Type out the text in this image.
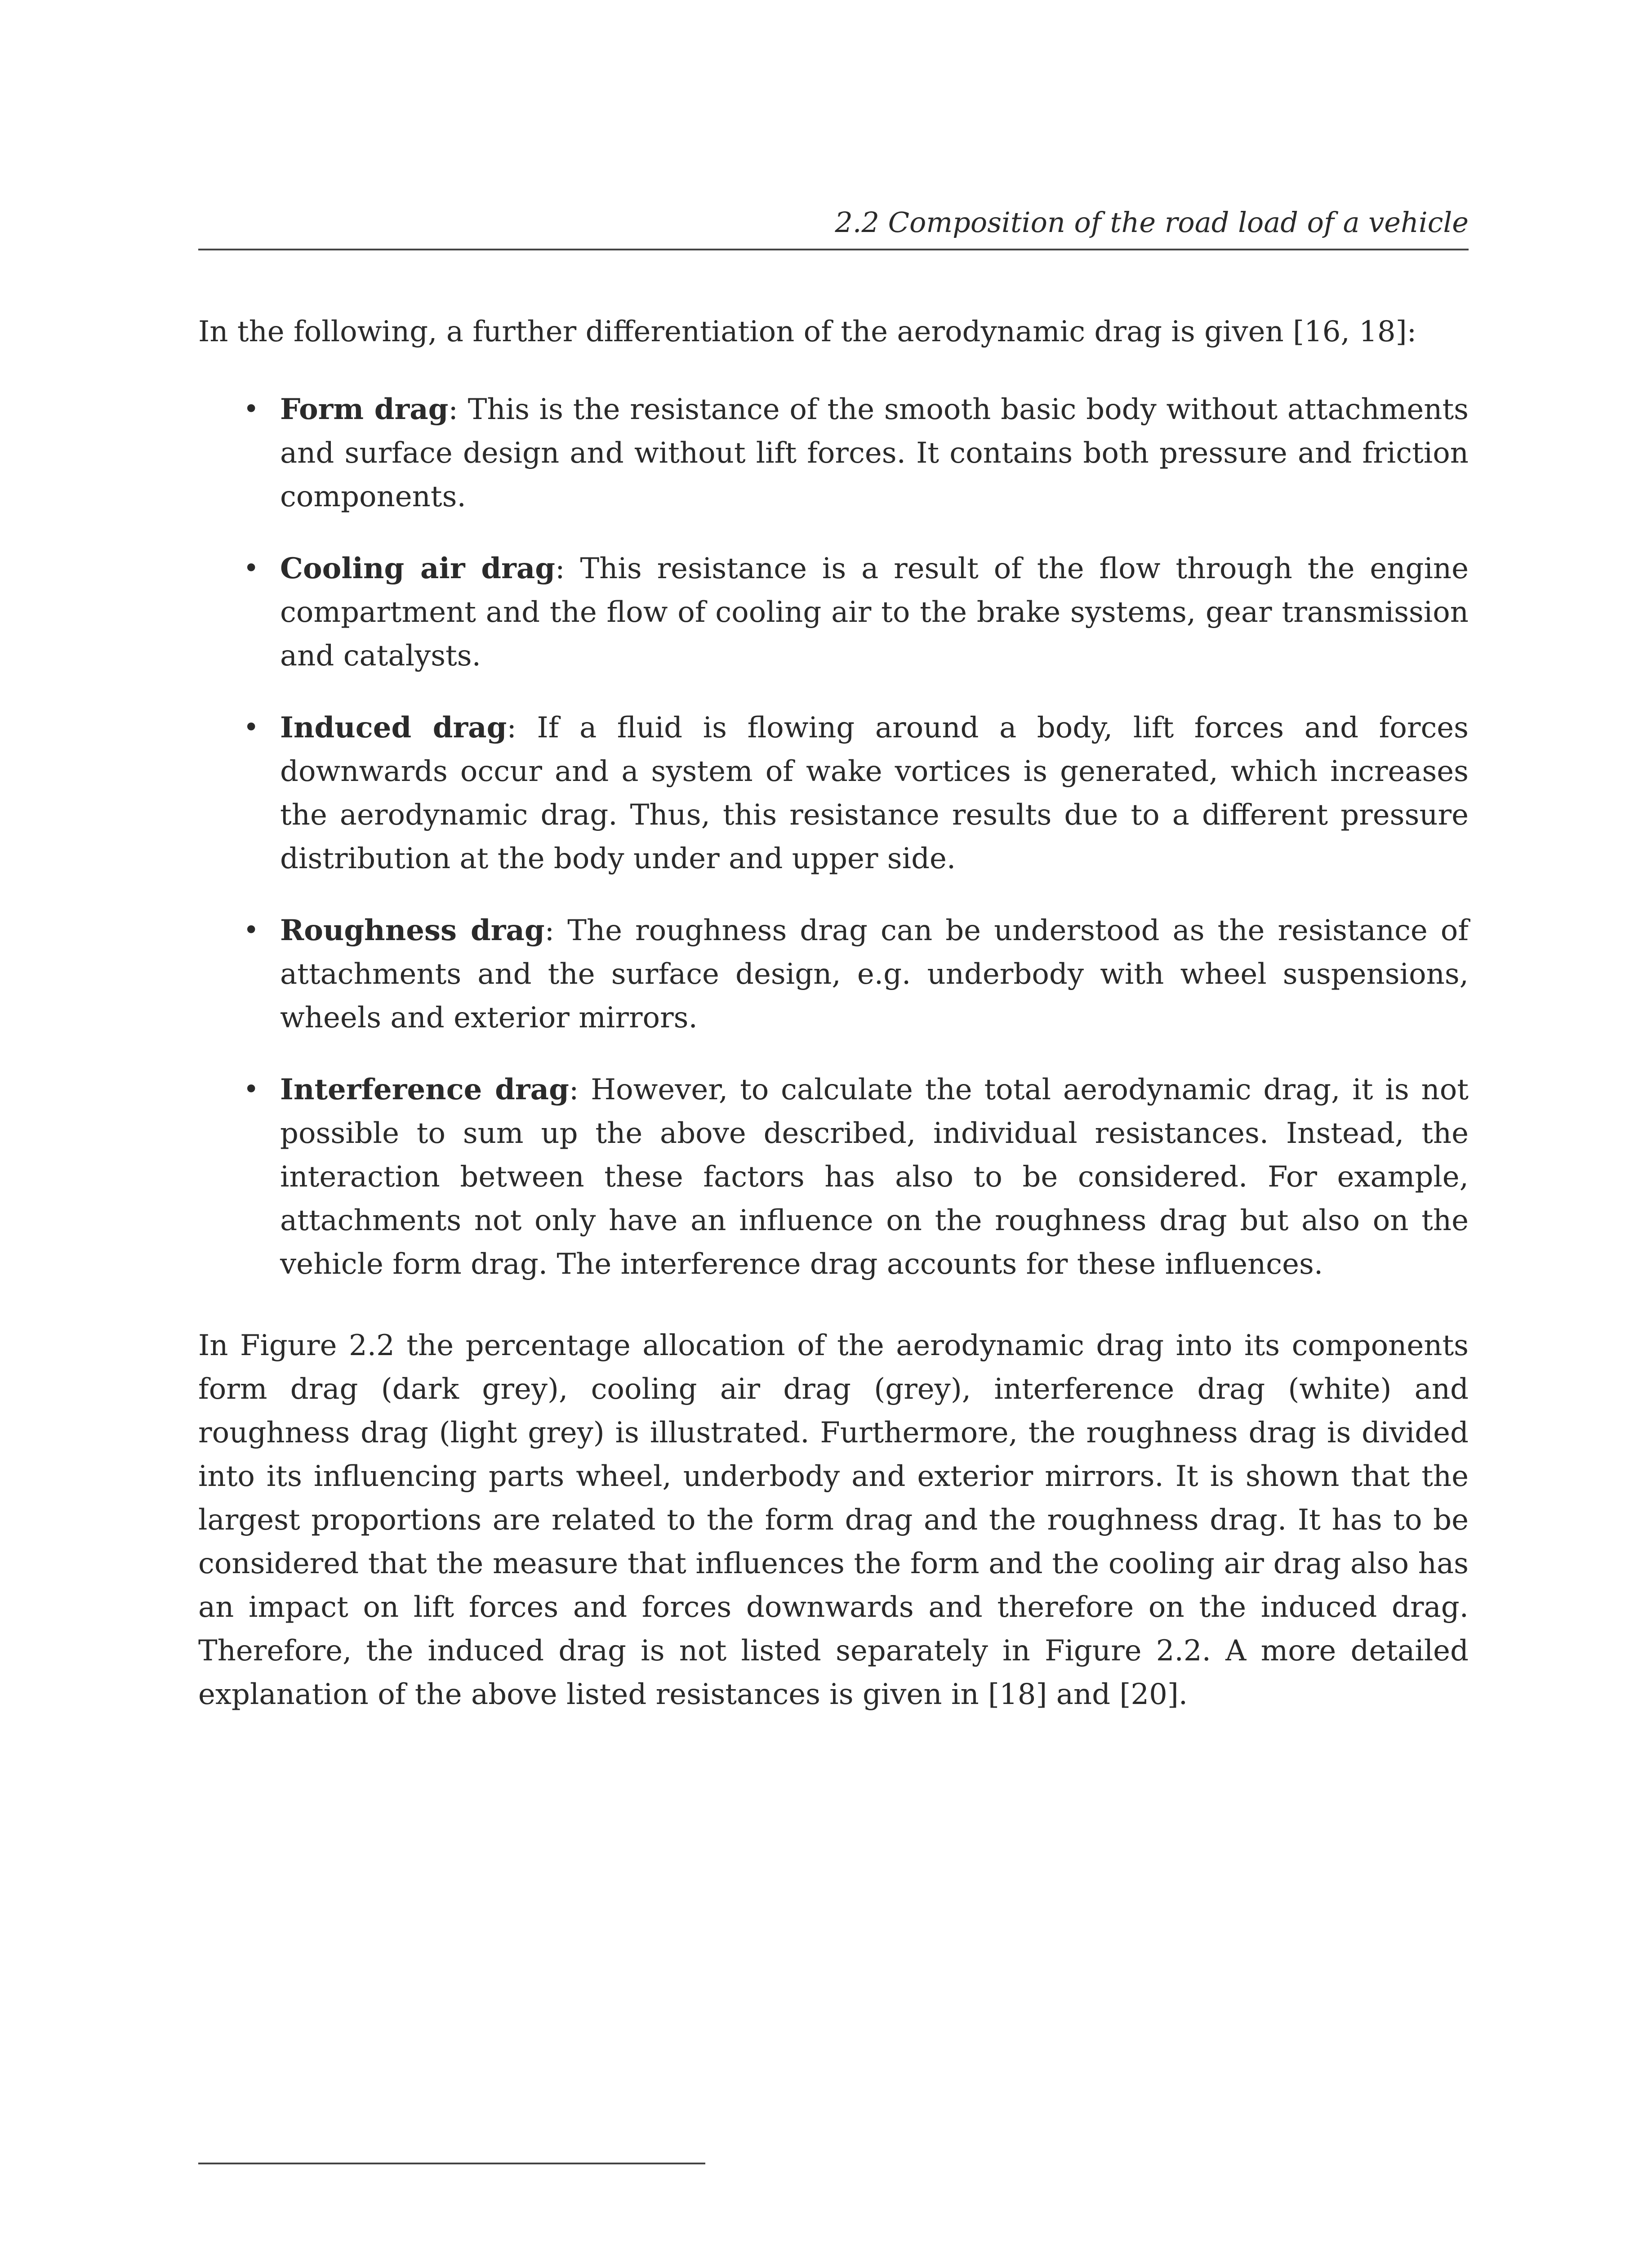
2.2 Composition of the road load of a vehicle

In the following, a further differentiation of the aerodynamic drag is given [16, 18]:

• Form drag: This is the resistance of the smooth basic body without attachments and surface design and without lift forces. It contains both pressure and friction components.
• Cooling air drag: This resistance is a result of the flow through the engine compartment and the flow of cooling air to the brake systems, gear transmission and catalysts.
• Induced drag: If a fluid is flowing around a body, lift forces and forces downwards occur and a system of wake vortices is generated, which increases the aerodynamic drag. Thus, this resistance results due to a different pressure distribution at the body under and upper side.
• Roughness drag: The roughness drag can be understood as the resistance of attachments and the surface design, e.g. underbody with wheel suspensions, wheels and exterior mirrors.
• Interference drag: However, to calculate the total aerodynamic drag, it is not possible to sum up the above described, individual resistances. Instead, the interaction between these factors has also to be considered. For example, attachments not only have an influence on the roughness drag but also on the vehicle form drag. The interference drag accounts for these influences.

In Figure 2.2 the percentage allocation of the aerodynamic drag into its components form drag (dark grey), cooling air drag (grey), interference drag (white) and roughness drag (light grey) is illustrated. Furthermore, the roughness drag is divided into its influencing parts wheel, underbody and exterior mirrors. It is shown that the largest proportions are related to the form drag and the roughness drag. It has to be considered that the measure that influences the form and the cooling air drag also has an impact on lift forces and forces downwards and therefore on the induced drag. Therefore, the induced drag is not listed separately in Figure 2.2. A more detailed explanation of the above listed resistances is given in [18] and [20].
